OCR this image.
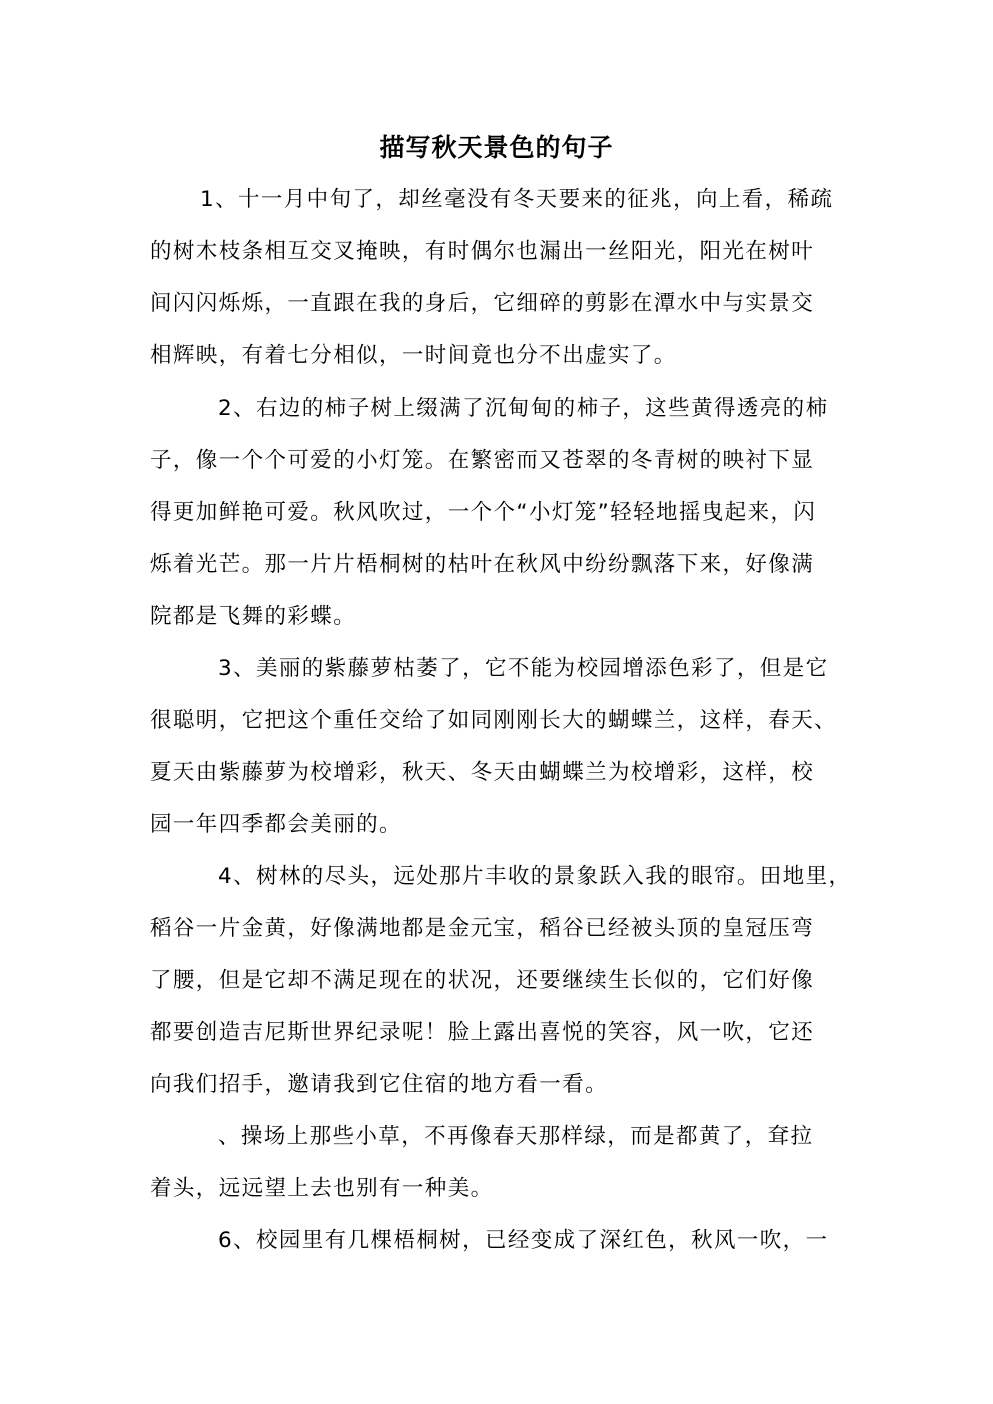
描写秋天景色的句子
1、十一月中旬了，却丝毫没有冬天要来的征兆，向上看，稀疏
的树木枝条相互交叉掩映，有时偶尔也漏出一丝阳光，阳光在树叶
间闪闪烁烁，一直跟在我的身后，它细碎的剪影在潭水中与实景交
相辉映，有着七分相似，一时间竟也分不出虚实了。
2、右边的柿子树上缀满了沉甸甸的柿子，这些黄得透亮的柿
子，像一个个可爱的小灯笼。在繁密而又苍翠的冬青树的映衬下显
得更加鲜艳可爱。秋风吹过，一个个“小灯笼”轻轻地摇曳起来，闪
烁着光芒。那一片片梧桐树的枯叶在秋风中纷纷飘落下来，好像满
院都是飞舞的彩蝶。
3、美丽的紫藤萝枯萎了，它不能为校园增添色彩了，但是它
很聪明，它把这个重任交给了如同刚刚长大的蝴蝶兰，这样，春天、
夏天由紫藤萝为校增彩，秋天、冬天由蝴蝶兰为校增彩，这样，校
园一年四季都会美丽的。
4、树林的尽头，远处那片丰收的景象跃入我的眼帘。田地里，
稻谷一片金黄，好像满地都是金元宝，稻谷已经被头顶的皇冠压弯
了腰，但是它却不满足现在的状况，还要继续生长似的，它们好像
都要创造吉尼斯世界纪录呢！脸上露出喜悦的笑容，风一吹，它还
向我们招手，邀请我到它住宿的地方看一看。
、操场上那些小草，不再像春天那样绿，而是都黄了，耷拉
着头，远远望上去也别有一种美。
6、校园里有几棵梧桐树，已经变成了深红色，秋风一吹，一
